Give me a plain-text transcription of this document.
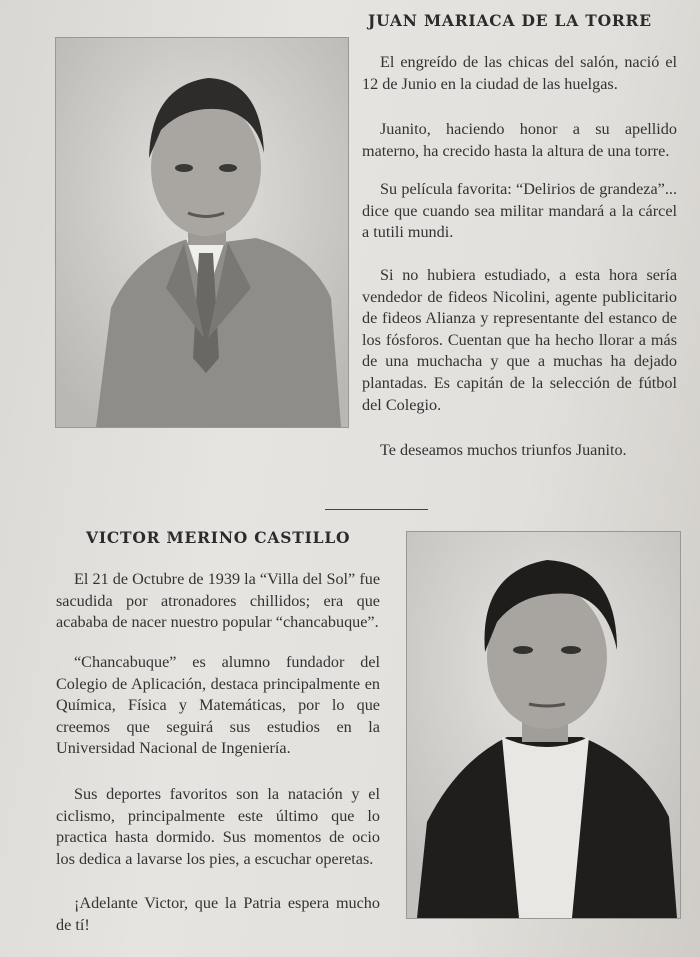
JUAN MARIACA DE LA TORRE

El engreído de las chicas del salón, nació el 12 de Junio en la ciudad de las huelgas.

Juanito, haciendo honor a su apellido materno, ha crecido hasta la altura de una torre.

Su película favorita: “Delirios de grandeza”... dice que cuando sea militar mandará a la cárcel a tutili mundi.

Si no hubiera estudiado, a esta hora sería vendedor de fideos Nicolini, agente publicitario de fideos Alianza y representante del estanco de los fósforos. Cuentan que ha hecho llorar a más de una muchacha y que a muchas ha dejado plantadas. Es capitán de la selección de fútbol del Colegio.

Te deseamos muchos triunfos Juanito.

VICTOR MERINO CASTILLO

El 21 de Octubre de 1939 la “Villa del Sol” fue sacudida por atronadores chillidos; era que acababa de nacer nuestro popular “chancabuque”.

“Chancabuque” es alumno fundador del Colegio de Aplicación, destaca principalmente en Química, Física y Matemáticas, por lo que creemos que seguirá sus estudios en la Universidad Nacional de Ingeniería.

Sus deportes favoritos son la natación y el ciclismo, principalmente este último que lo practica hasta dormido. Sus momentos de ocio los dedica a lavarse los pies, a escuchar operetas.

¡Adelante Victor, que la Patria espera mucho de tí!
